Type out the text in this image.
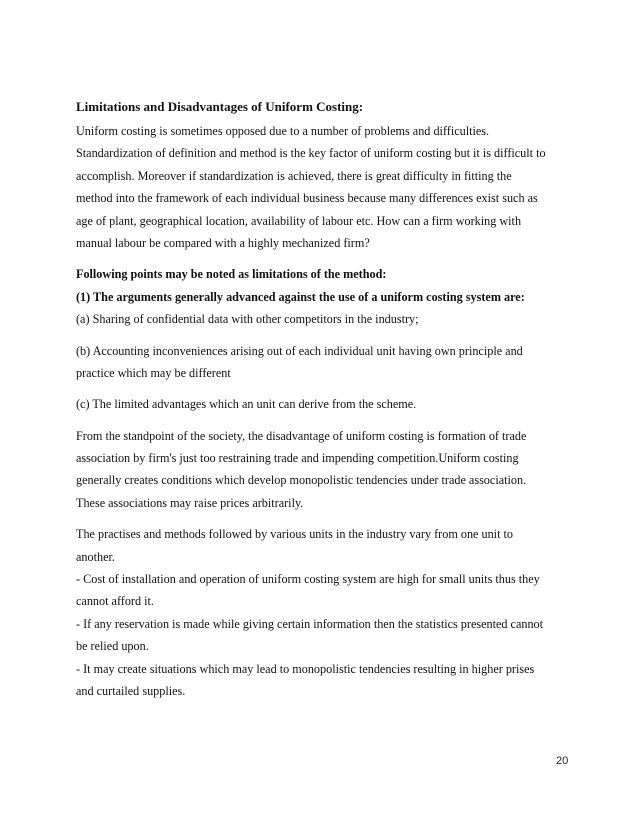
Limitations and Disadvantages of Uniform Costing:
Uniform costing is sometimes opposed due to a number of problems and difficulties.
Standardization of definition and method is the key factor of uniform costing but it is difficult to
accomplish. Moreover if standardization is achieved, there is great difficulty in fitting the
method into the framework of each individual business because many differences exist such as
age of plant, geographical location, availability of labour etc. How can a firm working with
manual labour be compared with a highly mechanized firm?
Following points may be noted as limitations of the method:
(1) The arguments generally advanced against the use of a uniform costing system are:
(a) Sharing of confidential data with other competitors in the industry;
(b) Accounting inconveniences arising out of each individual unit having own principle and
practice which may be different
(c) The limited advantages which an unit can derive from the scheme.
From the standpoint of the society, the disadvantage of uniform costing is formation of trade
association by firm's just too restraining trade and impending competition.Uniform costing
generally creates conditions which develop monopolistic tendencies under trade association.
These associations may raise prices arbitrarily.
The practises and methods followed by various units in the industry vary from one unit to
another.
- Cost of installation and operation of uniform costing system are high for small units thus they
cannot afford it.
- If any reservation is made while giving certain information then the statistics presented cannot
be relied upon.
- It may create situations which may lead to monopolistic tendencies resulting in higher prises
and curtailed supplies.
20
